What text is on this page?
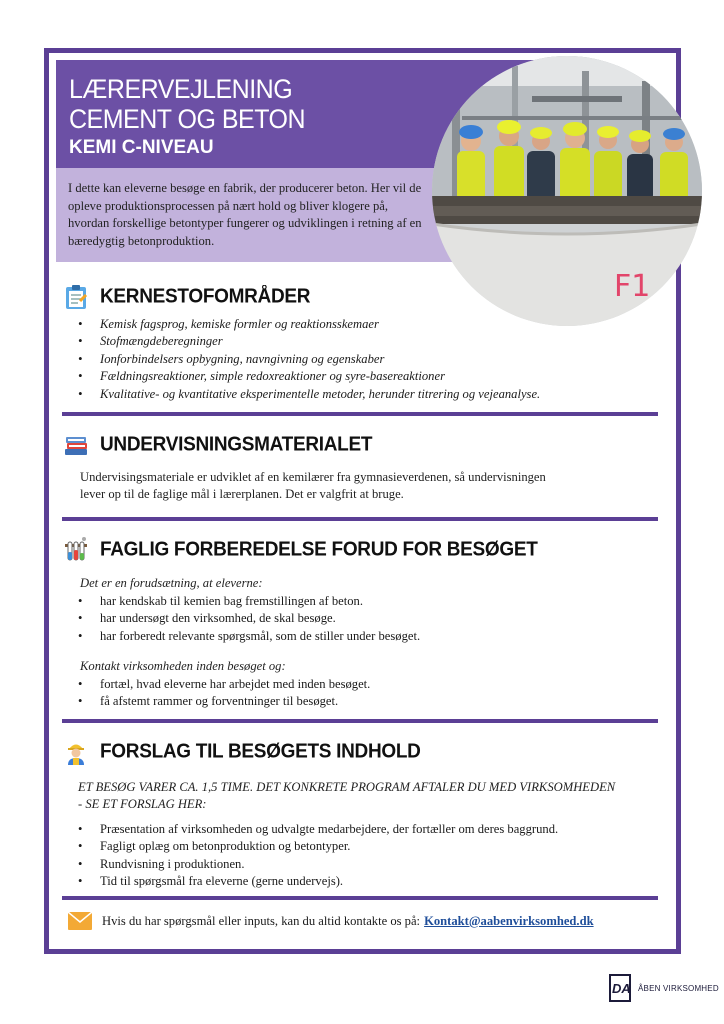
LÆRERVEJLENING
CEMENT OG BETON
KEMI C-NIVEAU
I dette kan eleverne besøge en fabrik, der producerer beton. Her vil de opleve produktionsprocessen på nært hold og bliver klogere på, hvordan forskellige betontyper fungerer og udviklingen i retning af en bæredygtig betonproduktion.
F1
KERNESTOFOMRÅDER
• Kemisk fagsprog, kemiske formler og reaktionsskemaer
• Stofmængdeberegninger
• Ionforbindelsers opbygning, navngivning og egenskaber
• Fældningsreaktioner, simple redoxreaktioner og syre-basereaktioner
• Kvalitative- og kvantitative eksperimentelle metoder, herunder titrering og vejeanalyse.
UNDERVISNINGSMATERIALET
Undervisingsmateriale er udviklet af en kemilærer fra gymnasieverdenen, så undervisningen
lever op til de faglige mål i lærerplanen. Det er valgfrit at bruge.
FAGLIG FORBEREDELSE FORUD FOR BESØGET
Det er en forudsætning, at eleverne:
• har kendskab til kemien bag fremstillingen af beton.
• har undersøgt den virksomhed, de skal besøge.
• har forberedt relevante spørgsmål, som de stiller under besøget.
Kontakt virksomheden inden besøget og:
• fortæl, hvad eleverne har arbejdet med inden besøget.
• få afstemt rammer og forventninger til besøget.
FORSLAG TIL BESØGETS INDHOLD
ET BESØG VARER CA. 1,5 TIME. DET KONKRETE PROGRAM AFTALER DU MED VIRKSOMHEDEN
- SE ET FORSLAG HER:
• Præsentation af virksomheden og udvalgte medarbejdere, der fortæller om deres baggrund.
• Fagligt oplæg om betonproduktion og betontyper.
• Rundvisning i produktionen.
• Tid til spørgsmål fra eleverne (gerne undervejs).
Hvis du har spørgsmål eller inputs, kan du altid kontakte os på: Kontakt@aabenvirksomhed.dk
DA ÅBEN VIRKSOMHED
